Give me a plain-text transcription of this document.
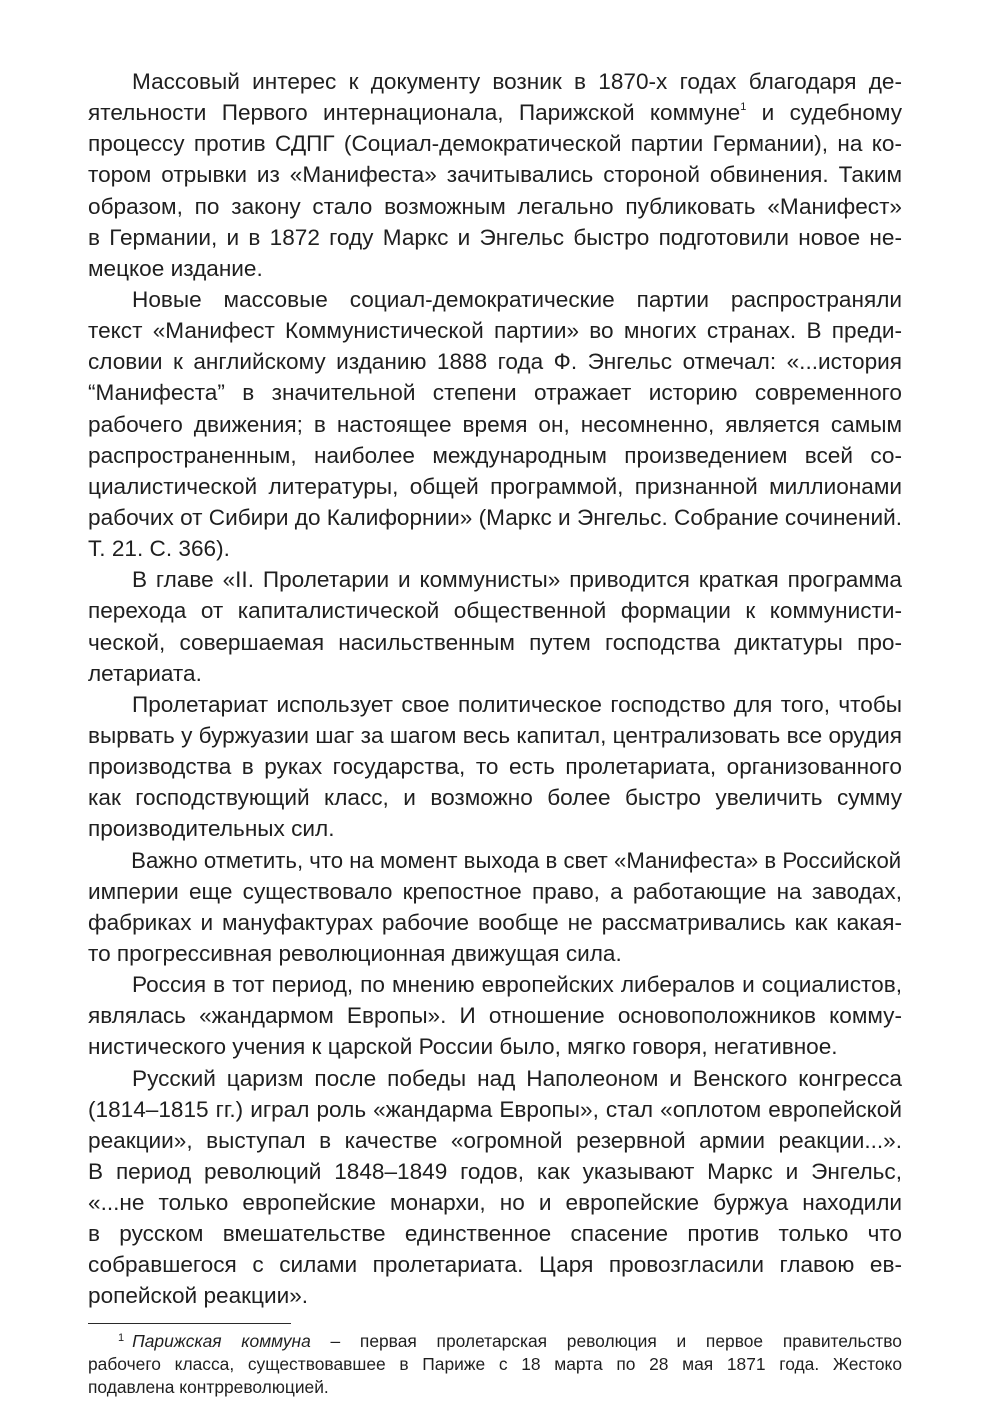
Массовый интерес к документу возник в 1870-х годах благодаря де-
ятельности Первого интернационала, Парижской коммуне$^1$ и судебному
процессу против СДПГ (Социал-демократической партии Германии), на ко-
тором отрывки из «Манифеста» зачитывались стороной обвинения. Таким
образом, по закону стало возможным легально публиковать «Манифест»
в Германии, и в 1872 году Маркс и Энгельс быстро подготовили новое не-
мецкое издание.
Новые массовые социал-демократические партии распространяли
текст «Манифест Коммунистической партии» во многих странах. В преди-
словии к английскому изданию 1888 года Ф. Энгельс отмечал: «...история
“Манифеста” в значительной степени отражает историю современного
рабочего движения; в настоящее время он, несомненно, является самым
распространенным, наиболее международным произведением всей со-
циалистической литературы, общей программой, признанной миллионами
рабочих от Сибири до Калифорнии» (Маркс и Энгельс. Собрание сочинений.
Т. 21. С. 366).
В главе «II. Пролетарии и коммунисты» приводится краткая программа
перехода от капиталистической общественной формации к коммунисти-
ческой, совершаемая насильственным путем господства диктатуры про-
летариата.
Пролетариат использует свое политическое господство для того, чтобы
вырвать у буржуазии шаг за шагом весь капитал, централизовать все орудия
производства в руках государства, то есть пролетариата, организованного
как господствующий класс, и возможно более быстро увеличить сумму
производительных сил.
Важно отметить, что на момент выхода в свет «Манифеста» в Российской
империи еще существовало крепостное право, а работающие на заводах,
фабриках и мануфактурах рабочие вообще не рассматривались как какая-
то прогрессивная революционная движущая сила.
Россия в тот период, по мнению европейских либералов и социалистов,
являлась «жандармом Европы». И отношение основоположников комму-
нистического учения к царской России было, мягко говоря, негативное.
Русский царизм после победы над Наполеоном и Венского конгресса
(1814–1815 гг.) играл роль «жандарма Европы», стал «оплотом европейской
реакции», выступал в качестве «огромной резервной армии реакции...».
В период революций 1848–1849 годов, как указывают Маркс и Энгельс,
«...не только европейские монархи, но и европейские буржуа находили
в русском вмешательстве единственное спасение против только что
собравшегося с силами пролетариата. Царя провозгласили главою ев-
ропейской реакции».
$^1$ Парижская коммуна – первая пролетарская революция и первое правительство
рабочего класса, существовавшее в Париже с 18 марта по 28 мая 1871 года. Жестоко
подавлена контрреволюцией.
